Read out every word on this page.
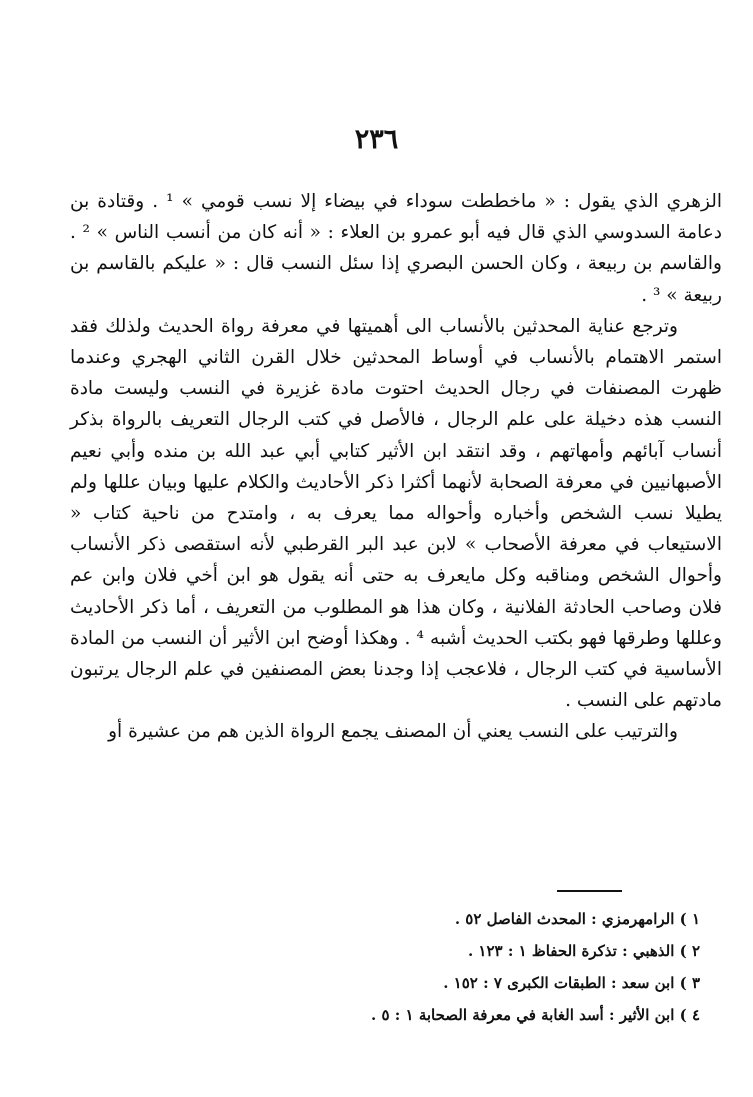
٢٣٦

الزهري الذي يقول : « ماخططت سوداء في بيضاء إلا نسب قومي » ¹ . وقتادة بن دعامة السدوسي الذي قال فيه أبو عمرو بن العلاء : « أنه كان من أنسب الناس » ² . والقاسم بن ربيعة ، وكان الحسن البصري إذا سئل النسب قال : « عليكم بالقاسم بن ربيعة » ³ .

وترجع عناية المحدثين بالأنساب الى أهميتها في معرفة رواة الحديث ولذلك فقد استمر الاهتمام بالأنساب في أوساط المحدثين خلال القرن الثاني الهجري وعندما ظهرت المصنفات في رجال الحديث احتوت مادة غزيرة في النسب وليست مادة النسب هذه دخيلة على علم الرجال ، فالأصل في كتب الرجال التعريف بالرواة بذكر أنساب آبائهم وأمهاتهم ، وقد انتقد ابن الأثير كتابي أبي عبد الله بن منده وأبي نعيم الأصبهانيين في معرفة الصحابة لأنهما أكثرا ذكر الأحاديث والكلام عليها وبيان عللها ولم يطيلا نسب الشخص وأخباره وأحواله مما يعرف به ، وامتدح من ناحية كتاب « الاستيعاب في معرفة الأصحاب » لابن عبد البر القرطبي لأنه استقصى ذكر الأنساب وأحوال الشخص ومناقبه وكل مايعرف به حتى أنه يقول هو ابن أخي فلان وابن عم فلان وصاحب الحادثة الفلانية ، وكان هذا هو المطلوب من التعريف ، أما ذكر الأحاديث وعللها وطرقها فهو بكتب الحديث أشبه ⁴ . وهكذا أوضح ابن الأثير أن النسب من المادة الأساسية في كتب الرجال ، فلاعجب إذا وجدنا بعض المصنفين في علم الرجال يرتبون مادتهم على النسب .

والترتيب على النسب يعني أن المصنف يجمع الرواة الذين هم من عشيرة أو

١ ) الرامهرمزي : المحدث الفاصل ٥٢ .
٢ ) الذهبي : تذكرة الحفاظ ١ : ١٢٣ .
٣ ) ابن سعد : الطبقات الكبرى ٧ : ١٥٢ .
٤ ) ابن الأثير : أسد الغابة في معرفة الصحابة ١ : ٥ .
